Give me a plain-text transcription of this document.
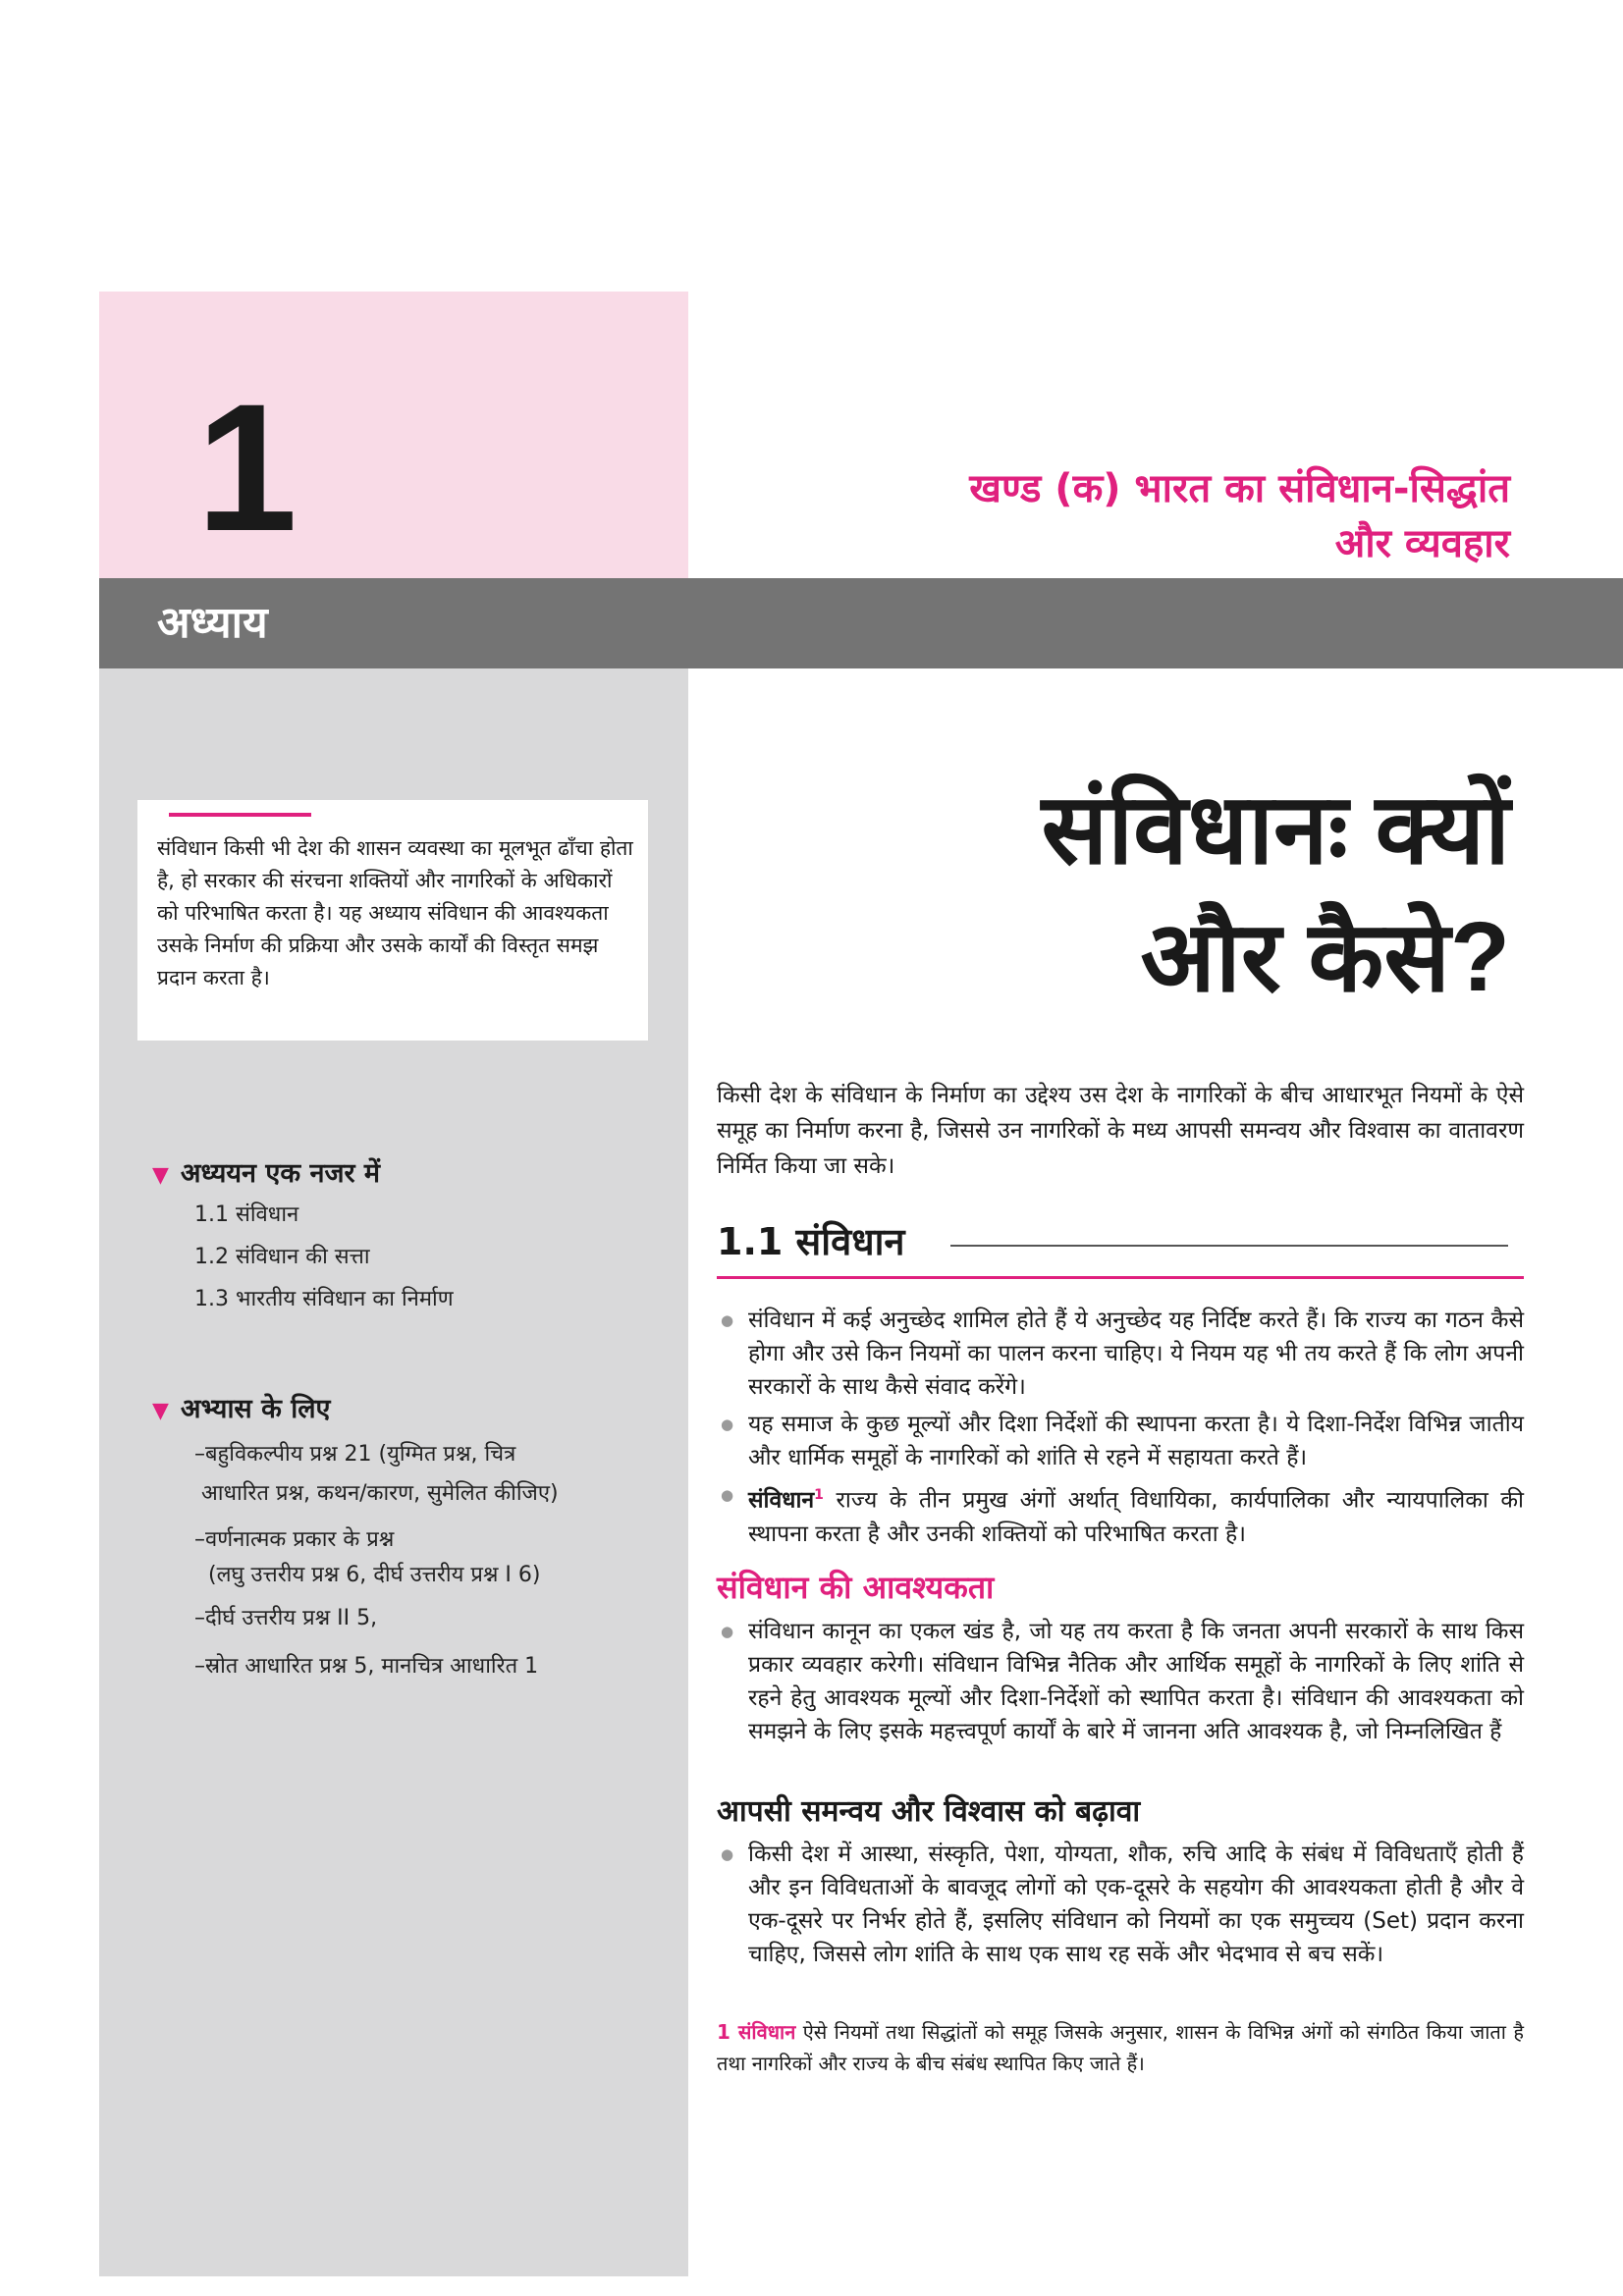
1	खण्ड (क) भारत का संविधान-सिद्धांत
और व्यवहार
अध्याय
संविधान किसी भी देश की शासन व्यवस्था का मूलभूत ढाँचा होता है, हो सरकार की संरचना शक्तियों और नागरिकों के अधिकारों को परिभाषित करता है। यह अध्याय संविधान की आवश्यकता उसके निर्माण की प्रक्रिया और उसके कार्यों की विस्तृत समझ प्रदान करता है।
▼ अध्ययन एक नजर में
1.1 संविधान
1.2 संविधान की सत्ता
1.3 भारतीय संविधान का निर्माण
▼ अभ्यास के लिए
–बहुविकल्पीय प्रश्न 21 (युग्मित प्रश्न, चित्र
आधारित प्रश्न, कथन/कारण, सुमेलित कीजिए)
–वर्णनात्मक प्रकार के प्रश्न
(लघु उत्तरीय प्रश्न 6, दीर्घ उत्तरीय प्रश्न I 6)
–दीर्घ उत्तरीय प्रश्न II 5,
–स्रोत आधारित प्रश्न 5, मानचित्र आधारित 1
संविधानः क्यों
और कैसे?
किसी देश के संविधान के निर्माण का उद्देश्य उस देश के नागरिकों के बीच आधारभूत नियमों के ऐसे समूह का निर्माण करना है, जिससे उन नागरिकों के मध्य आपसी समन्वय और विश्वास का वातावरण निर्मित किया जा सके।
1.1 संविधान
● संविधान में कई अनुच्छेद शामिल होते हैं ये अनुच्छेद यह निर्दिष्ट करते हैं। कि राज्य का गठन कैसे होगा और उसे किन नियमों का पालन करना चाहिए। ये नियम यह भी तय करते हैं कि लोग अपनी सरकारों के साथ कैसे संवाद करेंगे।
● यह समाज के कुछ मूल्यों और दिशा निर्देशों की स्थापना करता है। ये दिशा-निर्देश विभिन्न जातीय और धार्मिक समूहों के नागरिकों को शांति से रहने में सहायता करते हैं।
● संविधान$^1$ राज्य के तीन प्रमुख अंगों अर्थात् विधायिका, कार्यपालिका और न्यायपालिका की स्थापना करता है और उनकी शक्तियों को परिभाषित करता है।
संविधान की आवश्यकता
● संविधान कानून का एकल खंड है, जो यह तय करता है कि जनता अपनी सरकारों के साथ किस प्रकार व्यवहार करेगी। संविधान विभिन्न नैतिक और आर्थिक समूहों के नागरिकों के लिए शांति से रहने हेतु आवश्यक मूल्यों और दिशा-निर्देशों को स्थापित करता है। संविधान की आवश्यकता को समझने के लिए इसके महत्त्वपूर्ण कार्यों के बारे में जानना अति आवश्यक है, जो निम्नलिखित हैं
आपसी समन्वय और विश्वास को बढ़ावा
● किसी देश में आस्था, संस्कृति, पेशा, योग्यता, शौक, रुचि आदि के संबंध में विविधताएँ होती हैं और इन विविधताओं के बावजूद लोगों को एक-दूसरे के सहयोग की आवश्यकता होती है और वे एक-दूसरे पर निर्भर होते हैं, इसलिए संविधान को नियमों का एक समुच्चय (Set) प्रदान करना चाहिए, जिससे लोग शांति के साथ एक साथ रह सकें और भेदभाव से बच सकें।
1 संविधान ऐसे नियमों तथा सिद्धांतों को समूह जिसके अनुसार, शासन के विभिन्न अंगों को संगठित किया जाता है तथा नागरिकों और राज्य के बीच संबंध स्थापित किए जाते हैं।
